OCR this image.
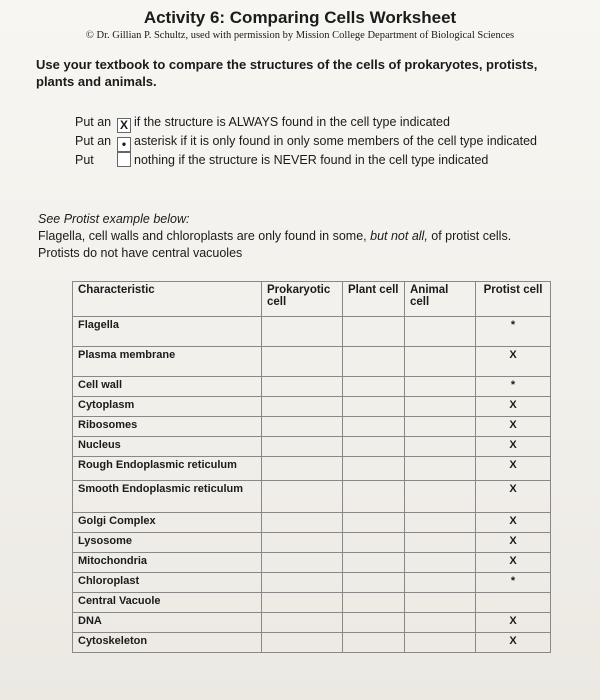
Activity 6: Comparing Cells Worksheet
© Dr. Gillian P. Schultz, used with permission by Mission College Department of Biological Sciences
Use your textbook to compare the structures of the cells of prokaryotes, protists, plants and animals.
Put an X if the structure is ALWAYS found in the cell type indicated
Put an • asterisk if it is only found in only some members of the cell type indicated
Put	nothing if the structure is NEVER found in the cell type indicated
See Protist example below:
Flagella, cell walls and chloroplasts are only found in some, but not all, of protist cells.
Protists do not have central vacuoles
Characteristic	Prokaryotic cell	Plant cell	Animal cell	Protist cell
Flagella				*
Plasma membrane				X
Cell wall				*
Cytoplasm				X
Ribosomes				X
Nucleus				X
Rough Endoplasmic reticulum				X
Smooth Endoplasmic reticulum				X
Golgi Complex				X
Lysosome				X
Mitochondria				X
Chloroplast				*
Central Vacuole				
DNA				X
Cytoskeleton				X
